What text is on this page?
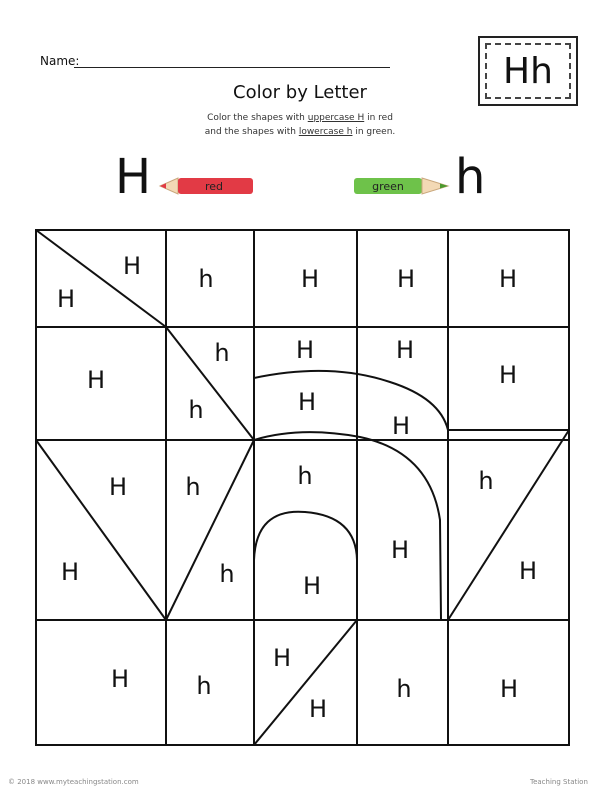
Name:	Hh
Color by Letter
Color the shapes with uppercase H in red
and the shapes with lowercase h in green.
H	h
red	green
H
H
h	H	H	H
H
h
h
H	H
H
H
H
H
H
h
h
h
H
h
H
H
H	h
H
H
h	H
© 2018 www.myteachingstation.com	Teaching Station
